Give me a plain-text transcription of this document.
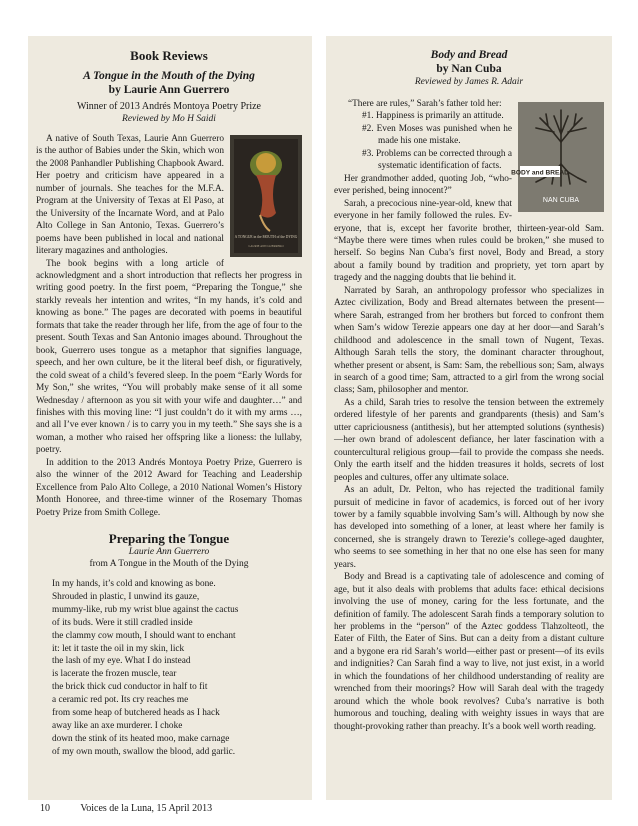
Book Reviews
A Tongue in the Mouth of the Dying
by Laurie Ann Guerrero
Winner of 2013 Andrés Montoya Poetry Prize
Reviewed by Mo H Saidi
A TONGUE in the MOUTH of the DYING
LAURIE ANN GUERRERO

A native of South Texas, Laurie Ann Guerrero is the author of Babies under the Skin, which won the 2008 Panhandler Publishing Chapbook Award. Her poetry and criticism have appeared in a number of journals. She teaches for the M.F.A. Program at the University of Texas at El Paso, at the University of the Incarnate Word, and at Palo Alto College in San Antonio, Texas. Guerrero’s poems have been published in local and national literary magazines and anthologies.

The book begins with a long article of acknowledgment and a short introduction that reflects her progress in writing good poetry. In the first poem, “Preparing the Tongue,” she starkly reveals her intention and writes, “In my hands, it’s cold and knowing as bone.” The pages are decorated with poems in beautiful formats that take the reader through her life, from the age of four to the present. South Texas and San Antonio images abound. Throughout the book, Guerrero uses tongue as a metaphor that signifies language, speech, and her own culture, be it the literal beef dish, or figuratively, the cold sweat of a child’s fevered sleep. In the poem “Early Words for My Son,” she writes, “You will probably make sense of it all some Wednesday / afternoon as you sit with your wife and daughter…” and finishes with this moving line: “I just couldn’t do it with my arms …, and all I’ve ever known / is to carry you in my teeth.” She says she is a woman, a mother who raised her offspring like a lioness: the lullaby, poetry.

In addition to the 2013 Andrés Montoya Poetry Prize, Guerrero is also the winner of the 2012 Award for Teaching and Leadership Excellence from Palo Alto College, a 2010 National Women’s History Month Honoree, and three-time winner of the Rosemary Thomas Poetry Prize from Smith College.

Preparing the Tongue
Laurie Ann Guerrero
from A Tongue in the Mouth of the Dying
In my hands, it’s cold and knowing as bone.
Shrouded in plastic, I unwind its gauze,
mummy-like, rub my wrist blue against the cactus
of its buds. Were it still cradled inside
the clammy cow mouth, I should want to enchant
it: let it taste the oil in my skin, lick
the lash of my eye. What I do instead
is lacerate the frozen muscle, tear
the brick thick cud conductor in half to fit
a ceramic red pot. Its cry reaches me
from some heap of butchered heads as I hack
away like an axe murderer. I choke
down the stink of its heated moo, make carnage
of my own mouth, swallow the blood, add garlic.
Body and Bread
by Nan Cuba
Reviewed by James R. Adair
BODY and BREAD
NAN CUBA

“There are rules,” Sarah’s father told her:

#1. Happiness is primarily an attitude.
#2. Even Moses was punished when he made his one mistake.
#3. Problems can be corrected through a systematic identification of facts.

Her grandmother added, quoting Job, “who-ever perished, being innocent?”

Sarah, a precocious nine-year-old, knew that everyone in her family followed the rules. Ev-eryone, that is, except her favorite brother, thirteen-year-old Sam. “Maybe there were times when rules could be broken,” she mused to herself. So begins Nan Cuba’s first novel, Body and Bread, a story about a family bound by tradition and propriety, yet torn apart by tragedy and the nagging doubts that lie behind it.

Narrated by Sarah, an anthropology professor who specializes in Aztec civilization, Body and Bread alternates between the present—where Sarah, estranged from her brothers but forced to confront them when Sam’s widow Terezie appears one day at her door—and Sarah’s childhood and adolescence in the small town of Nugent, Texas. Although Sarah tells the story, the dominant character throughout, whether present or absent, is Sam: Sam, the rebellious son; Sam, always in search of a good time; Sam, attracted to a girl from the wrong social class; Sam, philosopher and mentor.

As a child, Sarah tries to resolve the tension between the extremely ordered lifestyle of her parents and grandparents (thesis) and Sam’s utter capriciousness (antithesis), but her attempted solutions (synthesis)—her own brand of adolescent defiance, her later fascination with a countercultural religious group—fail to provide the compass she needs. Only the earth itself and the hidden treasures it holds, secrets of lost peoples and cultures, offer any ultimate solace.

As an adult, Dr. Pelton, who has rejected the traditional family pursuit of medicine in favor of academics, is forced out of her ivory tower by a family squabble involving Sam’s will. Although by now she has developed into something of a loner, at least where her family is concerned, she is strangely drawn to Terezie’s college-aged daughter, who seems to see something in her that no one else has seen for many years.

Body and Bread is a captivating tale of adolescence and coming of age, but it also deals with problems that adults face: ethical decisions involving the use of money, caring for the less fortunate, and the definition of family. The adolescent Sarah finds a temporary solution to her problems in the “person” of the Aztec goddess Tlahzolteotl, the Eater of Filth, the Eater of Sins. But can a deity from a distant culture and a bygone era rid Sarah’s world—either past or present—of its evils and indignities? Can Sarah find a way to live, not just exist, in a world in which the foundations of her childhood understanding of reality are wrenched from their moorings? How will Sarah deal with the tragedy around which the whole book revolves? Cuba’s narrative is both humorous and touching, dealing with weighty issues in ways that are thought-provoking rather than preachy. It’s a book well worth reading.

10	Voices de la Luna, 15 April 2013
